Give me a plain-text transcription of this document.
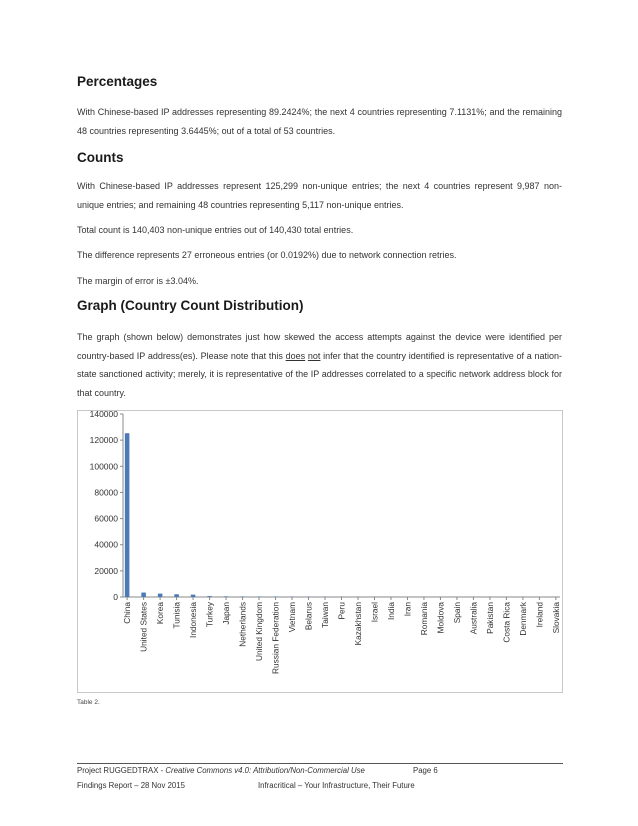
Percentages

With Chinese-based IP addresses representing 89.2424%; the next 4 countries representing 7.1131%; and the remaining 48 countries representing 3.6445%; out of a total of 53 countries.

Counts

With Chinese-based IP addresses represent 125,299 non-unique entries; the next 4 countries represent 9,987 non-unique entries; and remaining 48 countries representing 5,117 non-unique entries.

Total count is 140,403 non-unique entries out of 140,430 total entries.

The difference represents 27 erroneous entries (or 0.0192%) due to network connection retries.

The margin of error is ±3.04%.

Graph (Country Count Distribution)

The graph (shown below) demonstrates just how skewed the access attempts against the device were identified per country-based IP address(es). Please note that this does not infer that the country identified is representative of a nation-state sanctioned activity; merely, it is representative of the IP addresses correlated to a specific network address block for that country.

140000
120000
100000
80000
60000
40000
20000
0
China United States Korea Tunisia Indonesia Turkey Japan Netherlands United Kingdom Russian Federation Vietnam Belarus Taiwan Peru Kazakhstan Israel India Iran Romania Moldova Spain Australia Pakistan Costa Rica Denmark Ireland Slovakia
Table 2.
Project RUGGEDTRAX - Creative Commons v4.0: Attribution/Non-Commercial Use	Page 6
Findings Report – 28 Nov 2015	Infracritical – Your Infrastructure, Their Future
